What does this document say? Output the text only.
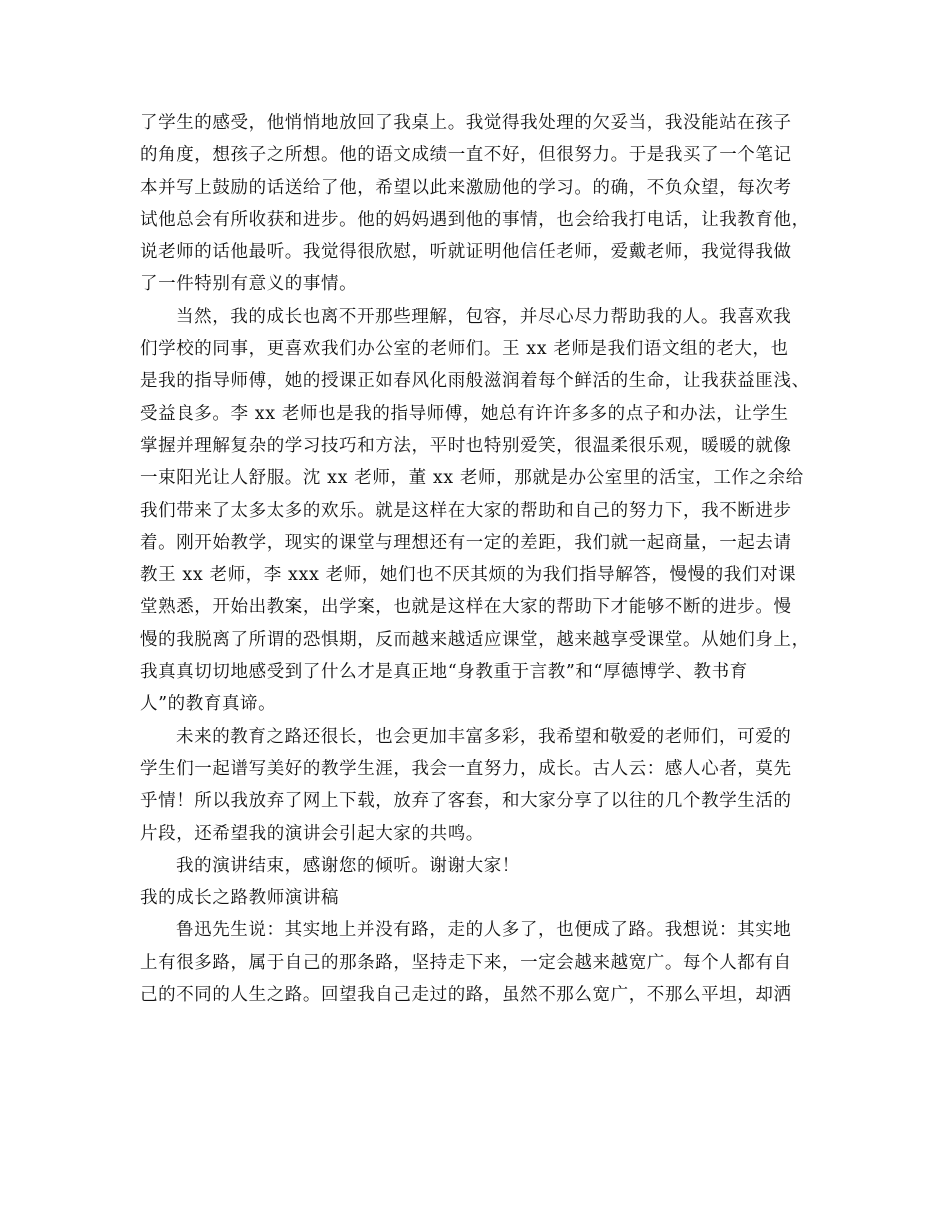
了学生的感受，他悄悄地放回了我桌上。我觉得我处理的欠妥当，我没能站在孩子
的角度，想孩子之所想。他的语文成绩一直不好，但很努力。于是我买了一个笔记
本并写上鼓励的话送给了他，希望以此来激励他的学习。的确，不负众望，每次考
试他总会有所收获和进步。他的妈妈遇到他的事情，也会给我打电话，让我教育他，
说老师的话他最听。我觉得很欣慰，听就证明他信任老师，爱戴老师，我觉得我做
了一件特别有意义的事情。
当然，我的成长也离不开那些理解，包容，并尽心尽力帮助我的人。我喜欢我
们学校的同事，更喜欢我们办公室的老师们。王 xx 老师是我们语文组的老大，也
是我的指导师傅，她的授课正如春风化雨般滋润着每个鲜活的生命，让我获益匪浅、
受益良多。李 xx 老师也是我的指导师傅，她总有许许多多的点子和办法，让学生
掌握并理解复杂的学习技巧和方法，平时也特别爱笑，很温柔很乐观，暖暖的就像
一束阳光让人舒服。沈 xx 老师，董 xx 老师，那就是办公室里的活宝，工作之余给
我们带来了太多太多的欢乐。就是这样在大家的帮助和自己的努力下，我不断进步
着。刚开始教学，现实的课堂与理想还有一定的差距，我们就一起商量，一起去请
教王 xx 老师，李 xxx 老师，她们也不厌其烦的为我们指导解答，慢慢的我们对课
堂熟悉，开始出教案，出学案，也就是这样在大家的帮助下才能够不断的进步。慢
慢的我脱离了所谓的恐惧期，反而越来越适应课堂，越来越享受课堂。从她们身上，
我真真切切地感受到了什么才是真正地“身教重于言教”和“厚德博学、教书育
人”的教育真谛。
未来的教育之路还很长，也会更加丰富多彩，我希望和敬爱的老师们，可爱的
学生们一起谱写美好的教学生涯，我会一直努力，成长。古人云：感人心者，莫先
乎情！所以我放弃了网上下载，放弃了客套，和大家分享了以往的几个教学生活的
片段，还希望我的演讲会引起大家的共鸣。
我的演讲结束，感谢您的倾听。谢谢大家！
我的成长之路教师演讲稿
鲁迅先生说：其实地上并没有路，走的人多了，也便成了路。我想说：其实地
上有很多路，属于自己的那条路，坚持走下来，一定会越来越宽广。每个人都有自
己的不同的人生之路。回望我自己走过的路，虽然不那么宽广，不那么平坦，却洒
